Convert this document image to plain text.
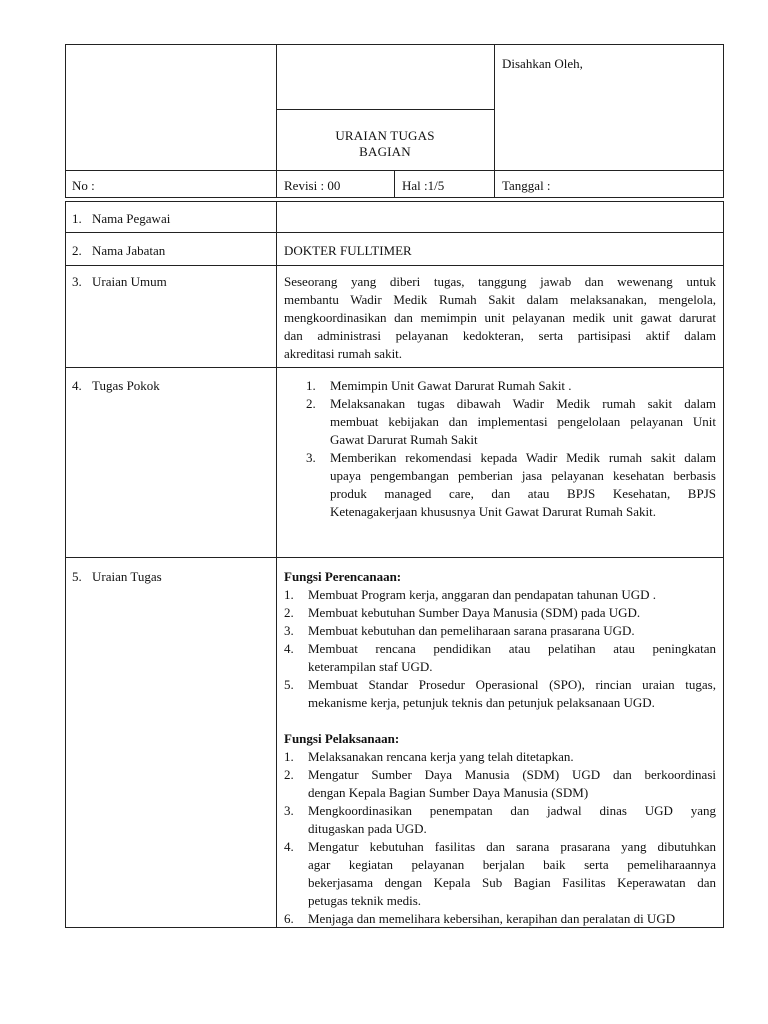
Disahkan Oleh,
URAIAN TUGAS
BAGIAN
No :	Revisi : 00	Hal :1/5	Tanggal :
1. Nama Pegawai
2. Nama Jabatan	DOKTER FULLTIMER
3. Uraian Umum	Seseorang yang diberi tugas, tanggung jawab dan wewenang untuk
membantu Wadir Medik Rumah Sakit dalam melaksanakan, mengelola,
mengkoordinasikan dan memimpin unit pelayanan medik unit gawat darurat
dan administrasi pelayanan kedokteran, serta partisipasi aktif dalam
akreditasi rumah sakit.
4. Tugas Pokok	1. Memimpin Unit Gawat Darurat Rumah Sakit .
2. Melaksanakan tugas dibawah Wadir Medik rumah sakit dalam
membuat kebijakan dan implementasi pengelolaan pelayanan Unit
Gawat Darurat Rumah Sakit
3. Memberikan rekomendasi kepada Wadir Medik rumah sakit dalam
upaya pengembangan pemberian jasa pelayanan kesehatan berbasis
produk managed care, dan atau BPJS Kesehatan, BPJS
Ketenagakerjaan khususnya Unit Gawat Darurat Rumah Sakit.
5. Uraian Tugas	Fungsi Perencanaan:
1. Membuat Program kerja, anggaran dan pendapatan tahunan UGD .
2. Membuat kebutuhan Sumber Daya Manusia (SDM) pada UGD.
3. Membuat kebutuhan dan pemeliharaan sarana prasarana UGD.
4. Membuat rencana pendidikan atau pelatihan atau peningkatan
keterampilan staf UGD.
5. Membuat Standar Prosedur Operasional (SPO), rincian uraian tugas,
mekanisme kerja, petunjuk teknis dan petunjuk pelaksanaan UGD.
Fungsi Pelaksanaan:
1. Melaksanakan rencana kerja yang telah ditetapkan.
2. Mengatur Sumber Daya Manusia (SDM) UGD dan berkoordinasi
dengan Kepala Bagian Sumber Daya Manusia (SDM)
3. Mengkoordinasikan penempatan dan jadwal dinas UGD yang
ditugaskan pada UGD.
4. Mengatur kebutuhan fasilitas dan sarana prasarana yang dibutuhkan
agar kegiatan pelayanan berjalan baik serta pemeliharaannya
bekerjasama dengan Kepala Sub Bagian Fasilitas Keperawatan dan
petugas teknik medis.
6. Menjaga dan memelihara kebersihan, kerapihan dan peralatan di UGD
